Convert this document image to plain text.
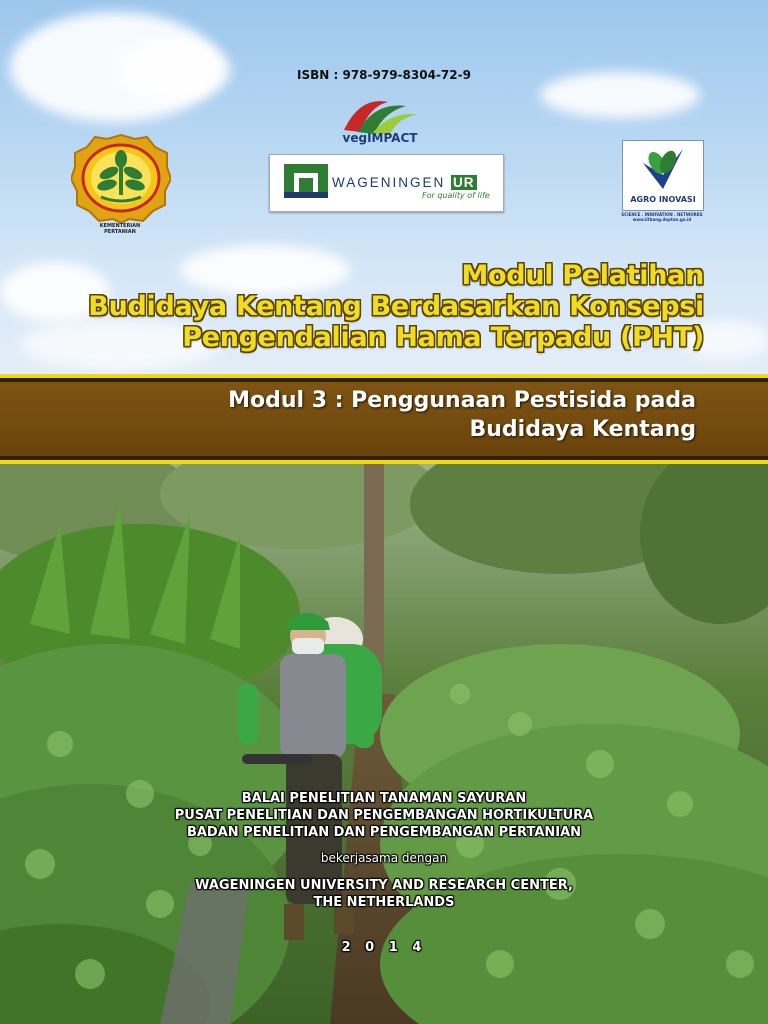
ISBN : 978-979-8304-72-9
vegIMPACT
WAGENINGEN UR
For quality of life
KEMENTERIAN
PERTANIAN
AGRO INOVASI
SCIENCE . INNOVATION . NETWORKS
www.litbang.deptan.go.id
Modul Pelatihan
Budidaya Kentang Berdasarkan Konsepsi
Pengendalian Hama Terpadu (PHT)
Modul 3 : Penggunaan Pestisida pada
Budidaya Kentang
BALAI PENELITIAN TANAMAN SAYURAN
PUSAT PENELITIAN DAN PENGEMBANGAN HORTIKULTURA
BADAN PENELITIAN DAN PENGEMBANGAN PERTANIAN
bekerjasama dengan
WAGENINGEN UNIVERSITY AND RESEARCH CENTER,
THE NETHERLANDS
2 0 1 4
